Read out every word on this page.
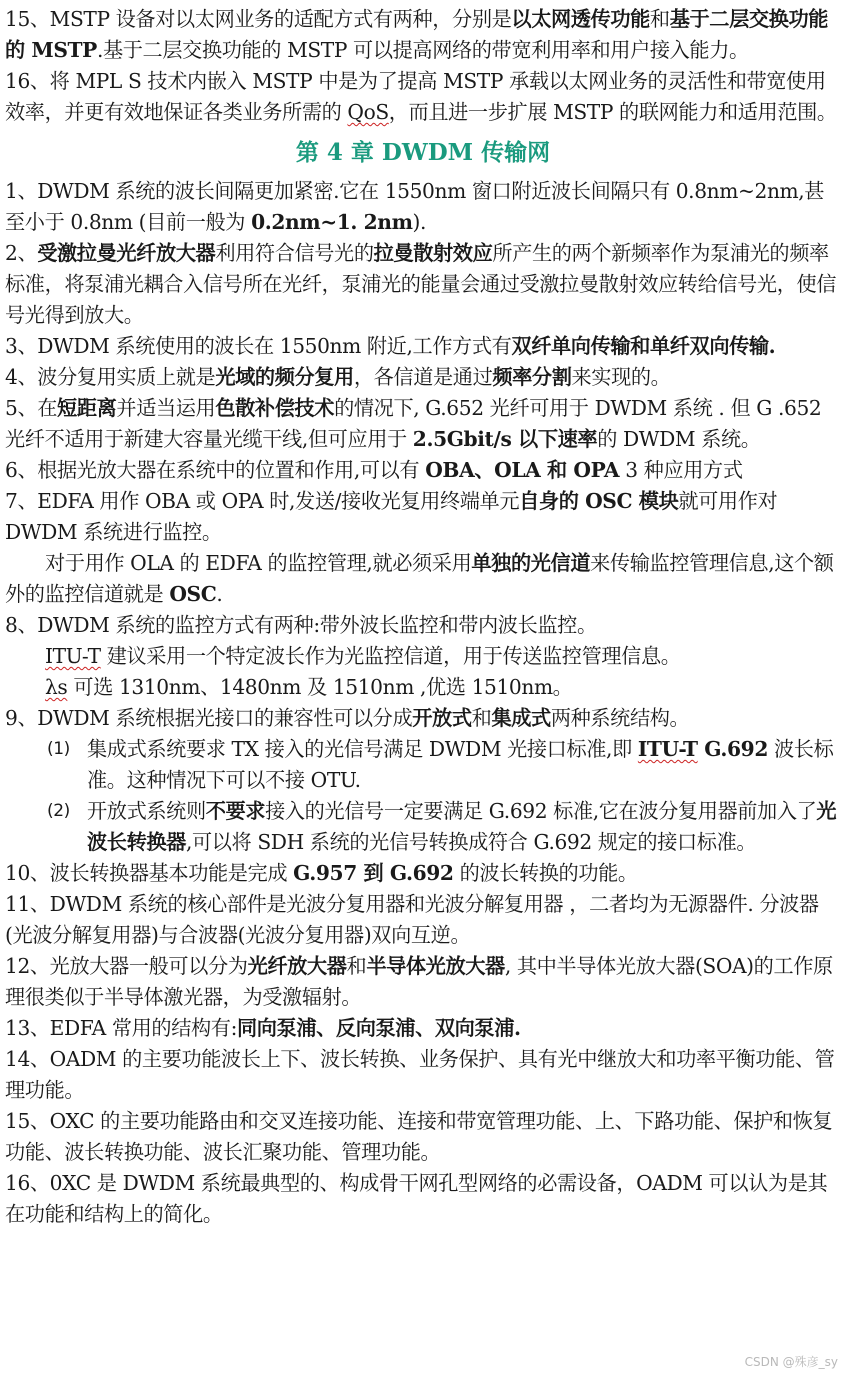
15、MSTP 设备对以太网业务的适配方式有两种，分别是以太网透传功能和基于二层交换功能的 MSTP.基于二层交换功能的 MSTP 可以提高网络的带宽利用率和用户接入能力。

16、将 MPL S 技术内嵌入 MSTP 中是为了提高 MSTP 承载以太网业务的灵活性和带宽使用效率，并更有效地保证各类业务所需的 QoS，而且进一步扩展 MSTP 的联网能力和适用范围。

第 4 章 DWDM 传输网

1、DWDM 系统的波长间隔更加紧密.它在 1550nm 窗口附近波长间隔只有 0.8nm~2nm,甚至小于 0.8nm (目前一般为 0.2nm~1. 2nm).

2、受激拉曼光纤放大器利用符合信号光的拉曼散射效应所产生的两个新频率作为泵浦光的频率标准，将泵浦光耦合入信号所在光纤，泵浦光的能量会通过受激拉曼散射效应转给信号光，使信号光得到放大。

3、DWDM 系统使用的波长在 1550nm 附近,工作方式有双纤单向传输和单纤双向传输.

4、波分复用实质上就是光域的频分复用，各信道是通过频率分割来实现的。

5、在短距离并适当运用色散补偿技术的情况下, G.652 光纤可用于 DWDM 系统 . 但 G .652 光纤不适用于新建大容量光缆干线,但可应用于 2.5Gbit/s 以下速率的 DWDM 系统。

6、根据光放大器在系统中的位置和作用,可以有 OBA、OLA 和 OPA 3 种应用方式

7、EDFA 用作 OBA 或 OPA 时,发送/接收光复用终端单元自身的 OSC 模块就可用作对 DWDM 系统进行监控。

对于用作 OLA 的 EDFA 的监控管理,就必须采用单独的光信道来传输监控管理信息,这个额外的监控信道就是 OSC.

8、DWDM 系统的监控方式有两种:带外波长监控和带内波长监控。

ITU-T 建议采用一个特定波长作为光监控信道，用于传送监控管理信息。

λs 可选 1310nm、1480nm 及 1510nm ,优选 1510nm。

9、DWDM 系统根据光接口的兼容性可以分成开放式和集成式两种系统结构。

(1) 集成式系统要求 TX 接入的光信号满足 DWDM 光接口标准,即 ITU-T G.692 波长标准。这种情况下可以不接 OTU.
(2) 开放式系统则不要求接入的光信号一定要满足 G.692 标准,它在波分复用器前加入了光波长转换器,可以将 SDH 系统的光信号转换成符合 G.692 规定的接口标准。

10、波长转换器基本功能是完成 G.957 到 G.692 的波长转换的功能。

11、DWDM 系统的核心部件是光波分复用器和光波分解复用器 ，二者均为无源器件. 分波器(光波分解复用器)与合波器(光波分复用器)双向互逆。

12、光放大器一般可以分为光纤放大器和半导体光放大器, 其中半导体光放大器(SOA)的工作原理很类似于半导体激光器，为受激辐射。

13、EDFA 常用的结构有:同向泵浦、反向泵浦、双向泵浦.

14、OADM 的主要功能波长上下、波长转换、业务保护、具有光中继放大和功率平衡功能、管理功能。

15、OXC 的主要功能路由和交叉连接功能、连接和带宽管理功能、上、下路功能、保护和恢复功能、波长转换功能、波长汇聚功能、管理功能。

16、0XC 是 DWDM 系统最典型的、构成骨干网孔型网络的必需设备，OADM 可以认为是其在功能和结构上的简化。

CSDN @殊彦_sy
